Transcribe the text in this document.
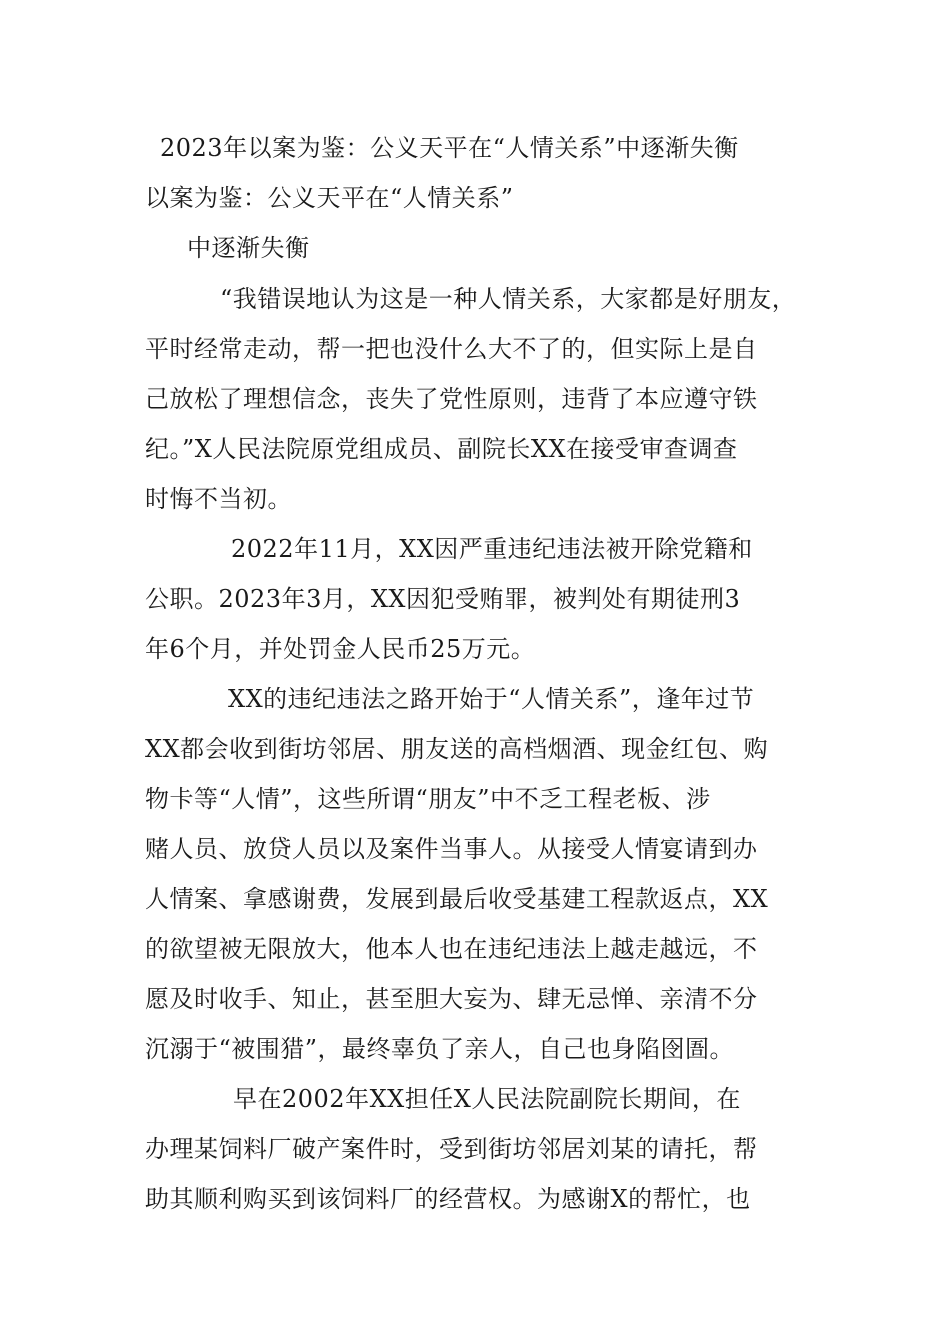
2023年以案为鉴：公义天平在“人情关系”中逐渐失衡
以案为鉴：公义天平在“人情关系”
中逐渐失衡
“我错误地认为这是一种人情关系，大家都是好朋友，
平时经常走动，帮一把也没什么大不了的，但实际上是自
己放松了理想信念，丧失了党性原则，违背了本应遵守铁
纪。”X人民法院原党组成员、副院长XX在接受审查调查
时悔不当初。
2022年11月，XX因严重违纪违法被开除党籍和
公职。2023年3月，XX因犯受贿罪，被判处有期徒刑3
年6个月，并处罚金人民币25万元。
XX的违纪违法之路开始于“人情关系”，逢年过节
XX都会收到街坊邻居、朋友送的高档烟酒、现金红包、购
物卡等“人情”，这些所谓“朋友”中不乏工程老板、涉
赌人员、放贷人员以及案件当事人。从接受人情宴请到办
人情案、拿感谢费，发展到最后收受基建工程款返点，XX
的欲望被无限放大，他本人也在违纪违法上越走越远，不
愿及时收手、知止，甚至胆大妄为、肆无忌惮、亲清不分
沉溺于“被围猎”，最终辜负了亲人，自己也身陷囹圄。
早在2002年XX担任X人民法院副院长期间，在
办理某饲料厂破产案件时，受到街坊邻居刘某的请托，帮
助其顺利购买到该饲料厂的经营权。为感谢X的帮忙，也
